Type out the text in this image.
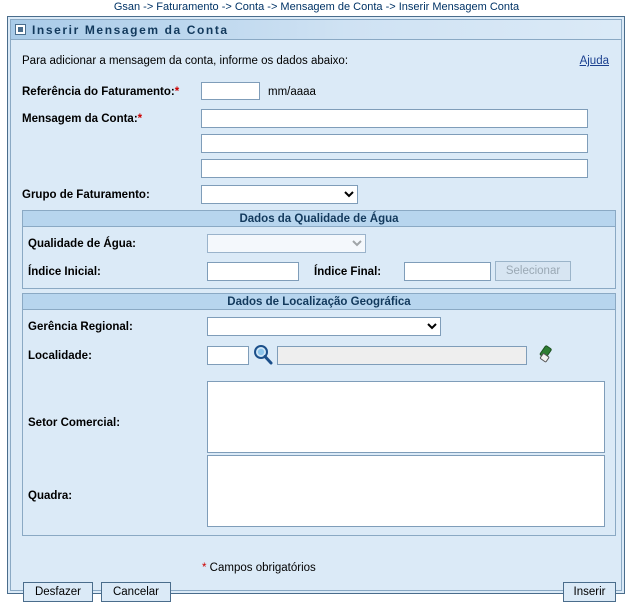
Gsan -> Faturamento -> Conta -> Mensagem de Conta -> Inserir Mensagem Conta
Inserir Mensagem da Conta
Para adicionar a mensagem da conta, informe os dados abaixo:	Ajuda
Referência do Faturamento:*	mm/aaaa
Mensagem da Conta:*
Grupo de Faturamento:
Dados da Qualidade de Água
Qualidade de Água:
Índice Inicial:	Índice Final:	Selecionar
Dados de Localização Geográfica
Gerência Regional:
Localidade:
Setor Comercial:
Quadra:
* Campos obrigatórios
Desfazer	Cancelar	Inserir
